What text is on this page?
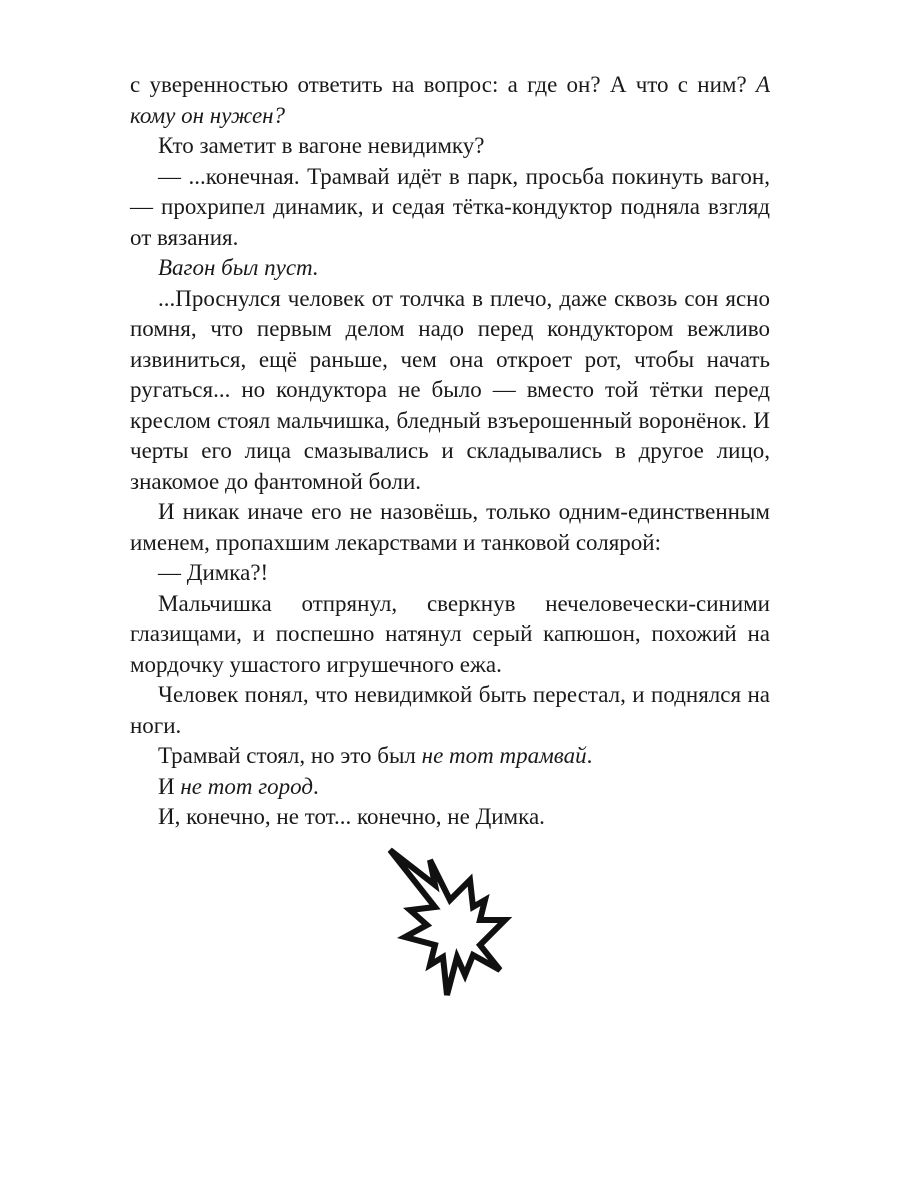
с уверенностью ответить на вопрос: а где он? А что с ним? А кому он нужен?

Кто заметит в вагоне невидимку?

— ...конечная. Трамвай идёт в парк, просьба покинуть вагон, — прохрипел динамик, и седая тётка-кондуктор подняла взгляд от вязания.

Вагон был пуст.

...Проснулся человек от толчка в плечо, даже сквозь сон ясно помня, что первым делом надо перед кондуктором вежливо извиниться, ещё раньше, чем она откроет рот, чтобы начать ругаться... но кондуктора не было — вместо той тётки перед креслом стоял мальчишка, бледный взъерошенный воронёнок. И черты его лица смазывались и складывались в другое лицо, знакомое до фантомной боли.

И никак иначе его не назовёшь, только одним-единственным именем, пропахшим лекарствами и танковой солярой:

— Димка?!

Мальчишка отпрянул, сверкнув нечеловечески-синими глазищами, и поспешно натянул серый капюшон, похожий на мордочку ушастого игрушечного ежа.

Человек понял, что невидимкой быть перестал, и поднялся на ноги.

Трамвай стоял, но это был не тот трамвай.

И не тот город.

И, конечно, не тот... конечно, не Димка.
